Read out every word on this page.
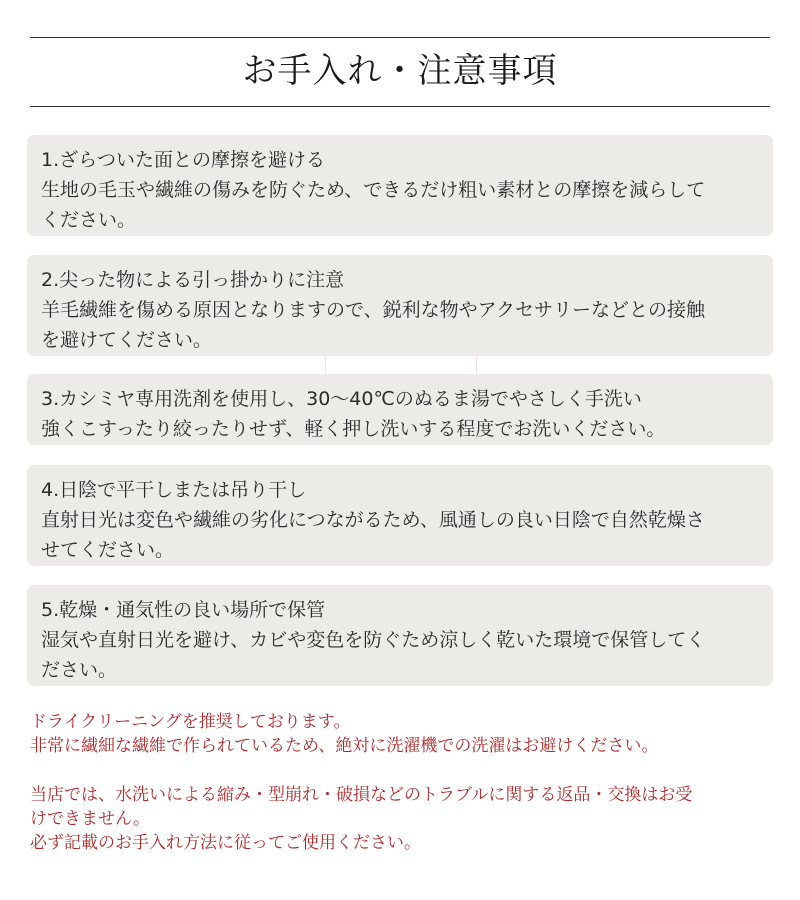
お手入れ・注意事項
1.ざらついた面との摩擦を避ける
生地の毛玉や繊維の傷みを防ぐため、できるだけ粗い素材との摩擦を減らして
ください。
2.尖った物による引っ掛かりに注意
羊毛繊維を傷める原因となりますので、鋭利な物やアクセサリーなどとの接触
を避けてください。
3.カシミヤ専用洗剤を使用し、30〜40℃のぬるま湯でやさしく手洗い
強くこすったり絞ったりせず、軽く押し洗いする程度でお洗いください。
4.日陰で平干しまたは吊り干し
直射日光は変色や繊維の劣化につながるため、風通しの良い日陰で自然乾燥さ
せてください。
5.乾燥・通気性の良い場所で保管
湿気や直射日光を避け、カビや変色を防ぐため涼しく乾いた環境で保管してく
ださい。
ドライクリーニングを推奨しております。
非常に繊細な繊維で作られているため、絶対に洗濯機での洗濯はお避けください。
当店では、水洗いによる縮み・型崩れ・破損などのトラブルに関する返品・交換はお受
けできません。
必ず記載のお手入れ方法に従ってご使用ください。
